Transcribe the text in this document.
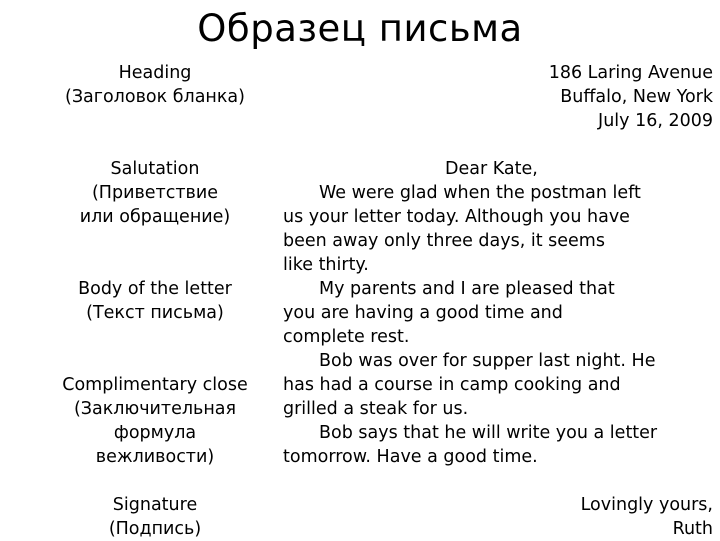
Образец письма
Heading
(Заголовок бланка)
Salutation
(Приветствие
или обращение)
Body of the letter
(Текст письма)
Complimentary close
(Заключительная
формула
вежливости)
Signature
(Подпись)
186 Laring Avenue
Buffalo, New York
July 16, 2009
Dear Kate,
We were glad when the postman left
us your letter today. Although you have
been away only three days, it seems
like thirty.
My parents and I are pleased that
you are having a good time and
complete rest.
Bob was over for supper last night. He
has had a course in camp cooking and
grilled a steak for us.
Bob says that he will write you a letter
tomorrow. Have a good time.
Lovingly yours,
Ruth
